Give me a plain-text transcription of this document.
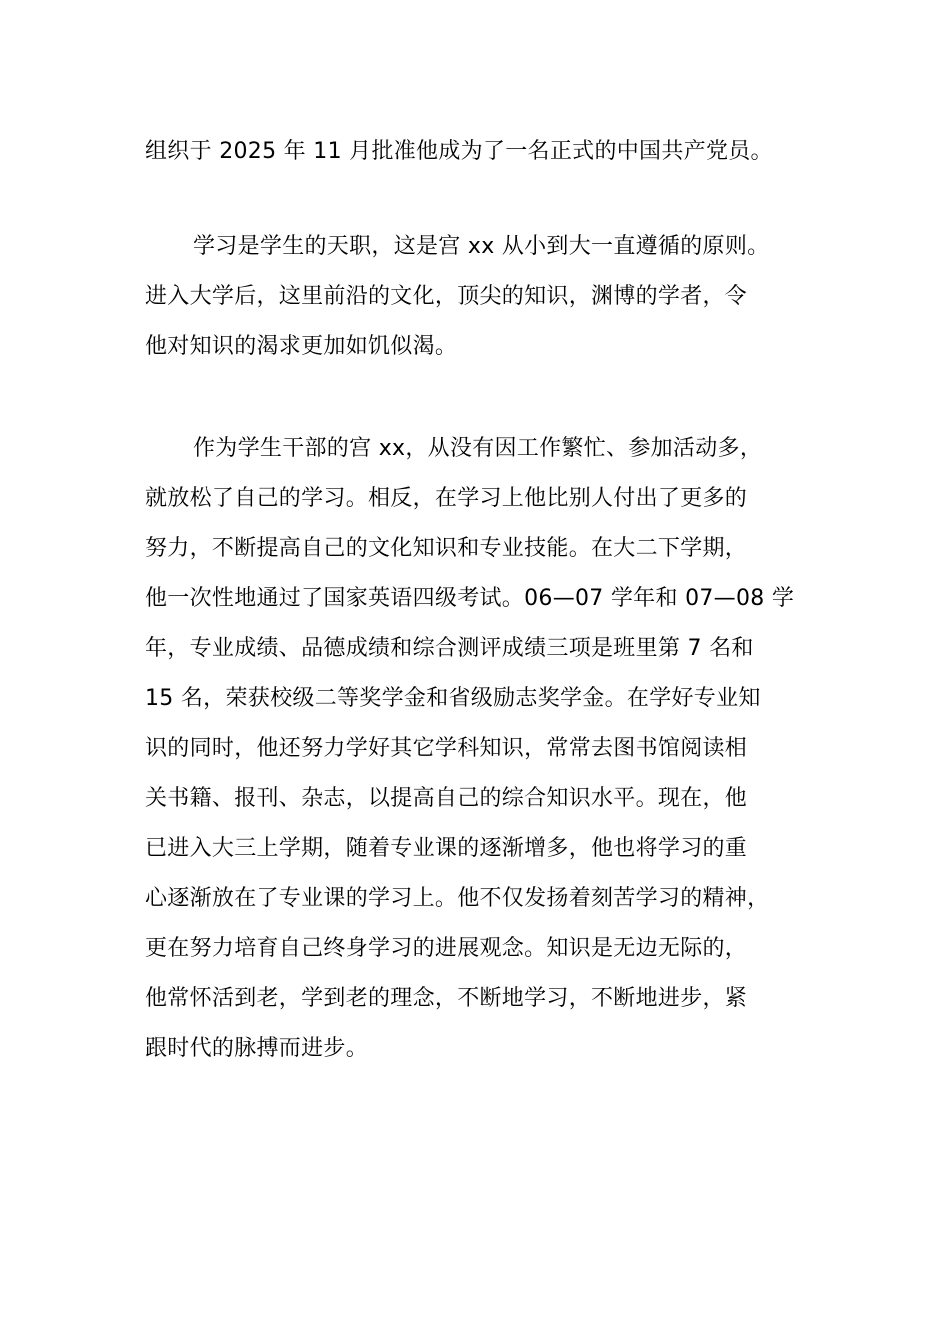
组织于 2025 年 11 月批准他成为了一名正式的中国共产党员。
学习是学生的天职，这是宫 xx 从小到大一直遵循的原则。
进入大学后，这里前沿的文化，顶尖的知识，渊博的学者，令
他对知识的渴求更加如饥似渴。
作为学生干部的宫 xx，从没有因工作繁忙、参加活动多，
就放松了自己的学习。相反，在学习上他比别人付出了更多的
努力，不断提高自己的文化知识和专业技能。在大二下学期，
他一次性地通过了国家英语四级考试。06—07 学年和 07—08 学
年，专业成绩、品德成绩和综合测评成绩三项是班里第 7 名和
15 名，荣获校级二等奖学金和省级励志奖学金。在学好专业知
识的同时，他还努力学好其它学科知识，常常去图书馆阅读相
关书籍、报刊、杂志，以提高自己的综合知识水平。现在，他
已进入大三上学期，随着专业课的逐渐增多，他也将学习的重
心逐渐放在了专业课的学习上。他不仅发扬着刻苦学习的精神，
更在努力培育自己终身学习的进展观念。知识是无边无际的，
他常怀活到老，学到老的理念，不断地学习，不断地进步，紧
跟时代的脉搏而进步。
